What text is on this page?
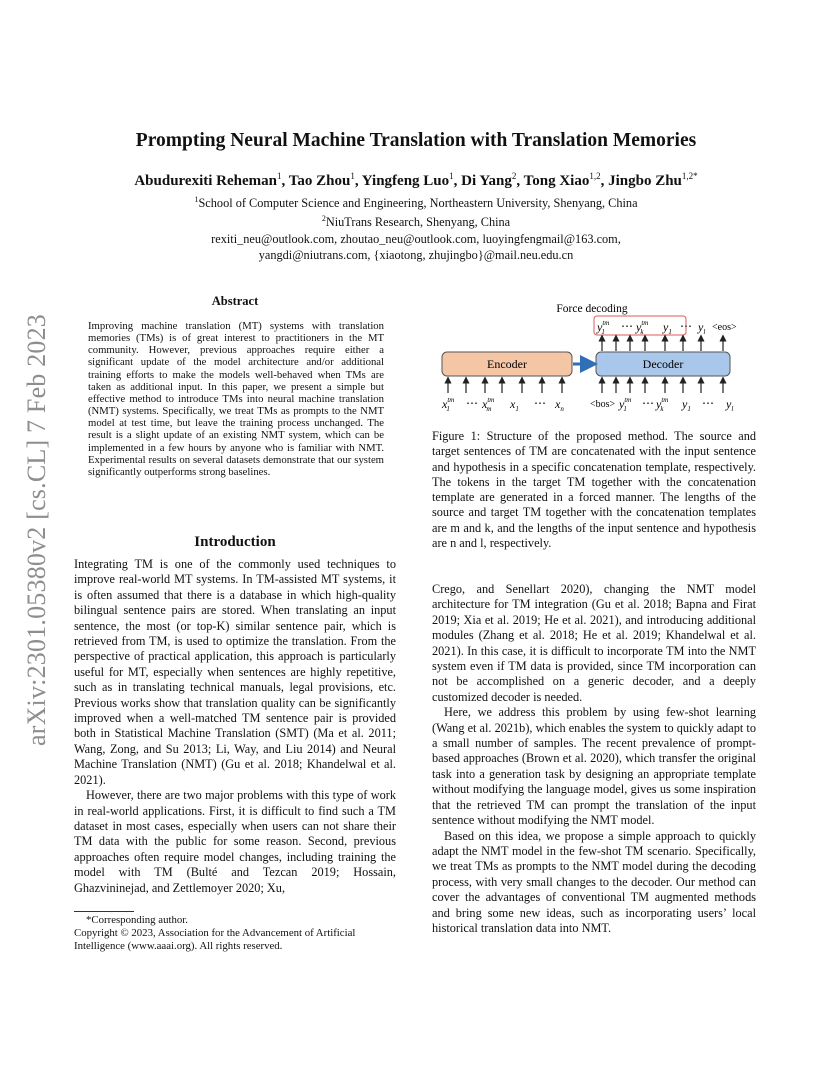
arXiv:2301.05380v2 [cs.CL] 7 Feb 2023
Prompting Neural Machine Translation with Translation Memories
Abudurexiti Reheman$^1$, Tao Zhou$^1$, Yingfeng Luo$^1$, Di Yang$^2$, Tong Xiao$^{1,2}$, Jingbo Zhu$^{1,2*}$
$^1$School of Computer Science and Engineering, Northeastern University, Shenyang, China
$^2$NiuTrans Research, Shenyang, China
rexiti_neu@outlook.com, zhoutao_neu@outlook.com, luoyingfengmail@163.com,
yangdi@niutrans.com, {xiaotong, zhujingbo}@mail.neu.edu.cn
Abstract
Improving machine translation (MT) systems with translation memories (TMs) is of great interest to practitioners in the MT community. However, previous approaches require either a significant update of the model architecture and/or additional training efforts to make the models well-behaved when TMs are taken as additional input. In this paper, we present a simple but effective method to introduce TMs into neural machine translation (NMT) systems. Specifically, we treat TMs as prompts to the NMT model at test time, but leave the training process unchanged. The result is a slight update of an existing NMT system, which can be implemented in a few hours by anyone who is familiar with NMT. Experimental results on several datasets demonstrate that our system significantly outperforms strong baselines.
Introduction

Integrating TM is one of the commonly used techniques to improve real-world MT systems. In TM-assisted MT systems, it is often assumed that there is a database in which high-quality bilingual sentence pairs are stored. When translating an input sentence, the most (or top-K) similar sentence pair, which is retrieved from TM, is used to optimize the translation. From the perspective of practical application, this approach is particularly useful for MT, especially when sentences are highly repetitive, such as in translating technical manuals, legal provisions, etc. Previous works show that translation quality can be significantly improved when a well-matched TM sentence pair is provided both in Statistical Machine Translation (SMT) (Ma et al. 2011; Wang, Zong, and Su 2013; Li, Way, and Liu 2014) and Neural Machine Translation (NMT) (Gu et al. 2018; Khandelwal et al. 2021).

However, there are two major problems with this type of work in real-world applications. First, it is difficult to find such a TM dataset in most cases, especially when users can not share their TM data with the public for some reason. Second, previous approaches often require model changes, including training the model with TM (Bulté and Tezcan 2019; Hossain, Ghazvininejad, and Zettlemoyer 2020; Xu,

*Corresponding author.

Copyright © 2023, Association for the Advancement of Artificial Intelligence (www.aaai.org). All rights reserved.

Force decoding
$y^{tm}$ 1	⋯ $y^{tm}$ k	$y_1$ ⋯ $y_l <eos>$
Encoder	Decoder
$x^{tm}$ 1	⋯ $x^{tm}$ m $x_1$ ⋯ $x_n$	$<bos> y^{tm}$ 1	⋯ $y^{tm}$ k	$y_1$ ⋯ $y_l$
Figure 1: Structure of the proposed method. The source and target sentences of TM are concatenated with the input sentence and hypothesis in a specific concatenation template, respectively. The tokens in the target TM together with the concatenation template are generated in a forced manner. The lengths of the source and target TM together with the concatenation templates are m and k, and the lengths of the input sentence and hypothesis are n and l, respectively.

Crego, and Senellart 2020), changing the NMT model architecture for TM integration (Gu et al. 2018; Bapna and Firat 2019; Xia et al. 2019; He et al. 2021), and introducing additional modules (Zhang et al. 2018; He et al. 2019; Khandelwal et al. 2021). In this case, it is difficult to incorporate TM into the NMT system even if TM data is provided, since TM incorporation can not be accomplished on a generic decoder, and a deeply customized decoder is needed.

Here, we address this problem by using few-shot learning (Wang et al. 2021b), which enables the system to quickly adapt to a small number of samples. The recent prevalence of prompt-based approaches (Brown et al. 2020), which transfer the original task into a generation task by designing an appropriate template without modifying the language model, gives us some inspiration that the retrieved TM can prompt the translation of the input sentence without modifying the NMT model.

Based on this idea, we propose a simple approach to quickly adapt the NMT model in the few-shot TM scenario. Specifically, we treat TMs as prompts to the NMT model during the decoding process, with very small changes to the decoder. Our method can cover the advantages of conventional TM augmented methods and bring some new ideas, such as incorporating users’ local historical translation data into NMT.
